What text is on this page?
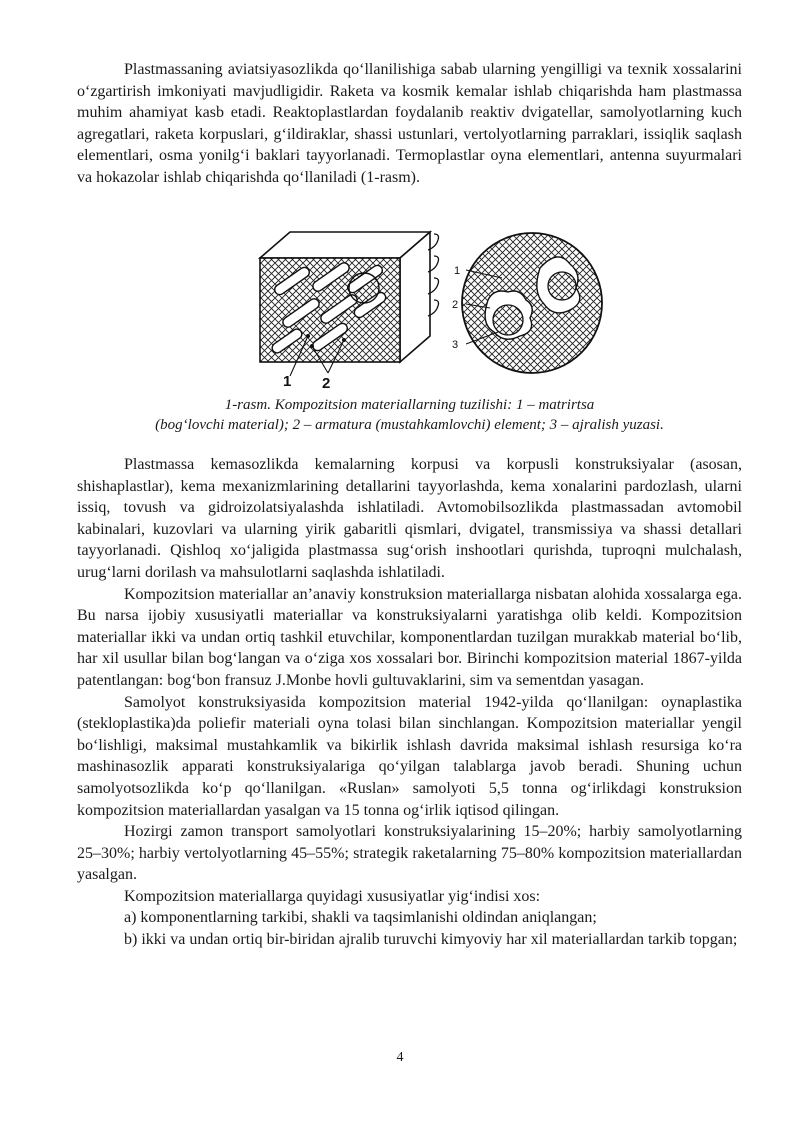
Plastmassaning aviatsiyasozlikda qo‘llanilishiga sabab ularning yengilligi va texnik xossalarini o‘zgartirish imkoniyati mavjudligidir. Raketa va kosmik kemalar ishlab chiqarishda ham plastmassa muhim ahamiyat kasb etadi. Reaktoplastlardan foydalanib reaktiv dvigatellar, samolyotlarning kuch agregatlari, raketa korpuslari, g‘ildiraklar, shassi ustunlari, vertolyotlarning parraklari, issiqlik saqlash elementlari, osma yonilg‘i baklari tayyorlanadi. Termoplastlar oyna elementlari, antenna suyurmalari va hokazolar ishlab chiqarishda qo‘llaniladi (1-rasm).

1 2
1
2
3
1-rasm. Kompozitsion materiallarning tuzilishi: 1 – matrirtsa
(bog‘lovchi material); 2 – armatura (mustahkamlovchi) element; 3 – ajralish yuzasi.

Plastmassa kemasozlikda kemalarning korpusi va korpusli konstruksiyalar (asosan, shishaplastlar), kema mexanizmlarining detallarini tayyorlashda, kema xonalarini pardozlash, ularni issiq, tovush va gidroizolatsiyalashda ishlatiladi. Avtomobilsozlikda plastmassadan avtomobil kabinalari, kuzovlari va ularning yirik gabaritli qismlari, dvigatel, transmissiya va shassi detallari tayyorlanadi. Qishloq xo‘jaligida plastmassa sug‘orish inshootlari qurishda, tuproqni mulchalash, urug‘larni dorilash va mahsulotlarni saqlashda ishlatiladi.

Kompozitsion materiallar an’anaviy konstruksion materiallarga nisbatan alohida xossalarga ega. Bu narsa ijobiy xususiyatli materiallar va konstruksiyalarni yaratishga olib keldi. Kompozitsion materiallar ikki va undan ortiq tashkil etuvchilar, komponentlardan tuzilgan murakkab material bo‘lib, har xil usullar bilan bog‘langan va o‘ziga xos xossalari bor. Birinchi kompozitsion material 1867-yilda patentlangan: bog‘bon fransuz J.Monbe hovli gultuvaklarini, sim va sementdan yasagan.

Samolyot konstruksiyasida kompozitsion material 1942-yilda qo‘llanilgan: oynaplastika (stekloplastika)da poliefir materiali oyna tolasi bilan sinchlangan. Kompozitsion materiallar yengil bo‘lishligi, maksimal mustahkamlik va bikirlik ishlash davrida maksimal ishlash resursiga ko‘ra mashinasozlik apparati konstruksiyalariga qo‘yilgan talablarga javob beradi. Shuning uchun samolyotsozlikda ko‘p qo‘llanilgan. «Ruslan» samolyoti 5,5 tonna og‘irlikdagi konstruksion kompozitsion materiallardan yasalgan va 15 tonna og‘irlik iqtisod qilingan.

Hozirgi zamon transport samolyotlari konstruksiyalarining 15–20%; harbiy samolyotlarning 25–30%; harbiy vertolyotlarning 45–55%; strategik raketalarning 75–80% kompozitsion materiallardan yasalgan.

Kompozitsion materiallarga quyidagi xususiyatlar yig‘indisi xos:

a) komponentlarning tarkibi, shakli va taqsimlanishi oldindan aniqlangan;

b) ikki va undan ortiq bir-biridan ajralib turuvchi kimyoviy har xil materiallardan tarkib topgan;

4
